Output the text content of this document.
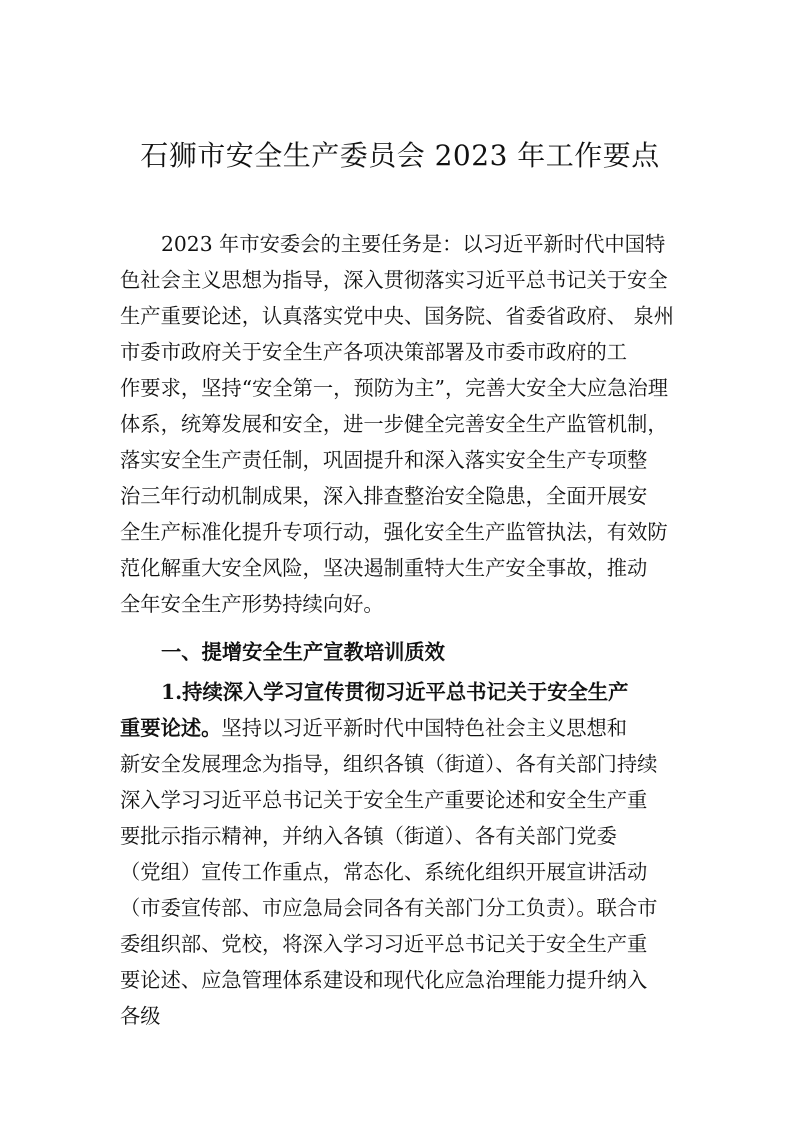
石狮市安全生产委员会 2023 年工作要点
2023 年市安委会的主要任务是：以习近平新时代中国特
色社会主义思想为指导，深入贯彻落实习近平总书记关于安全
生产重要论述，认真落实党中央、国务院、省委省政府、 泉州
市委市政府关于安全生产各项决策部署及市委市政府的工
作要求，坚持“安全第一，预防为主”，完善大安全大应急治理
体系，统筹发展和安全，进一步健全完善安全生产监管机制，
落实安全生产责任制，巩固提升和深入落实安全生产专项整
治三年行动机制成果，深入排查整治安全隐患，全面开展安
全生产标准化提升专项行动，强化安全生产监管执法，有效防
范化解重大安全风险，坚决遏制重特大生产安全事故，推动
全年安全生产形势持续向好。
一、提增安全生产宣教培训质效
1.持续深入学习宣传贯彻习近平总书记关于安全生产
重要论述。坚持以习近平新时代中国特色社会主义思想和
新安全发展理念为指导，组织各镇（街道）、各有关部门持续
深入学习习近平总书记关于安全生产重要论述和安全生产重
要批示指示精神，并纳入各镇（街道）、各有关部门党委
（党组）宣传工作重点，常态化、系统化组织开展宣讲活动
（市委宣传部、市应急局会同各有关部门分工负责）。联合市
委组织部、党校，将深入学习习近平总书记关于安全生产重
要论述、应急管理体系建设和现代化应急治理能力提升纳入
各级
